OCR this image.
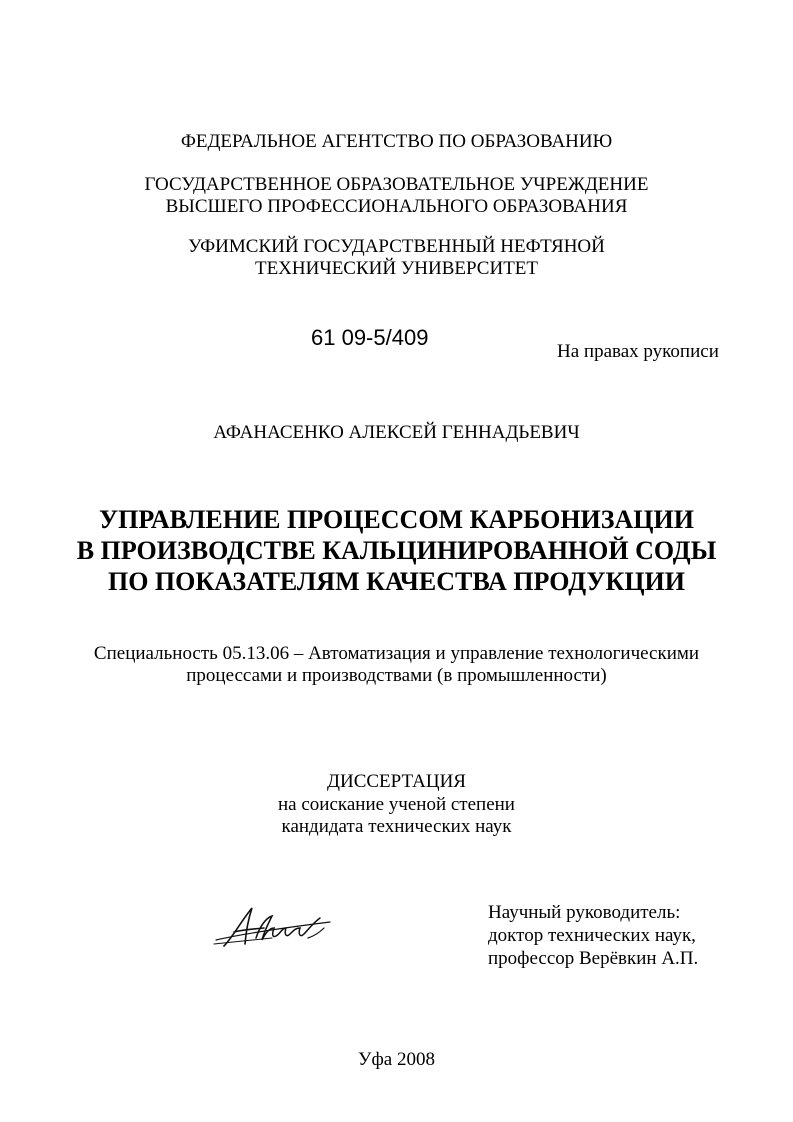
ФЕДЕРАЛЬНОЕ АГЕНТСТВО ПО ОБРАЗОВАНИЮ
ГОСУДАРСТВЕННОЕ ОБРАЗОВАТЕЛЬНОЕ УЧРЕЖДЕНИЕ
ВЫСШЕГО ПРОФЕССИОНАЛЬНОГО ОБРАЗОВАНИЯ
УФИМСКИЙ ГОСУДАРСТВЕННЫЙ НЕФТЯНОЙ
ТЕХНИЧЕСКИЙ УНИВЕРСИТЕТ
61 09-5/409
На правах рукописи
АФАНАСЕНКО АЛЕКСЕЙ ГЕННАДЬЕВИЧ
УПРАВЛЕНИЕ ПРОЦЕССОМ КАРБОНИЗАЦИИ
В ПРОИЗВОДСТВЕ КАЛЬЦИНИРОВАННОЙ СОДЫ
ПО ПОКАЗАТЕЛЯМ КАЧЕСТВА ПРОДУКЦИИ
Специальность 05.13.06 – Автоматизация и управление технологическими
процессами и производствами (в промышленности)
ДИССЕРТАЦИЯ
на соискание ученой степени
кандидата технических наук
Научный руководитель:
доктор технических наук,
профессор Верёвкин А.П.
Уфа 2008
